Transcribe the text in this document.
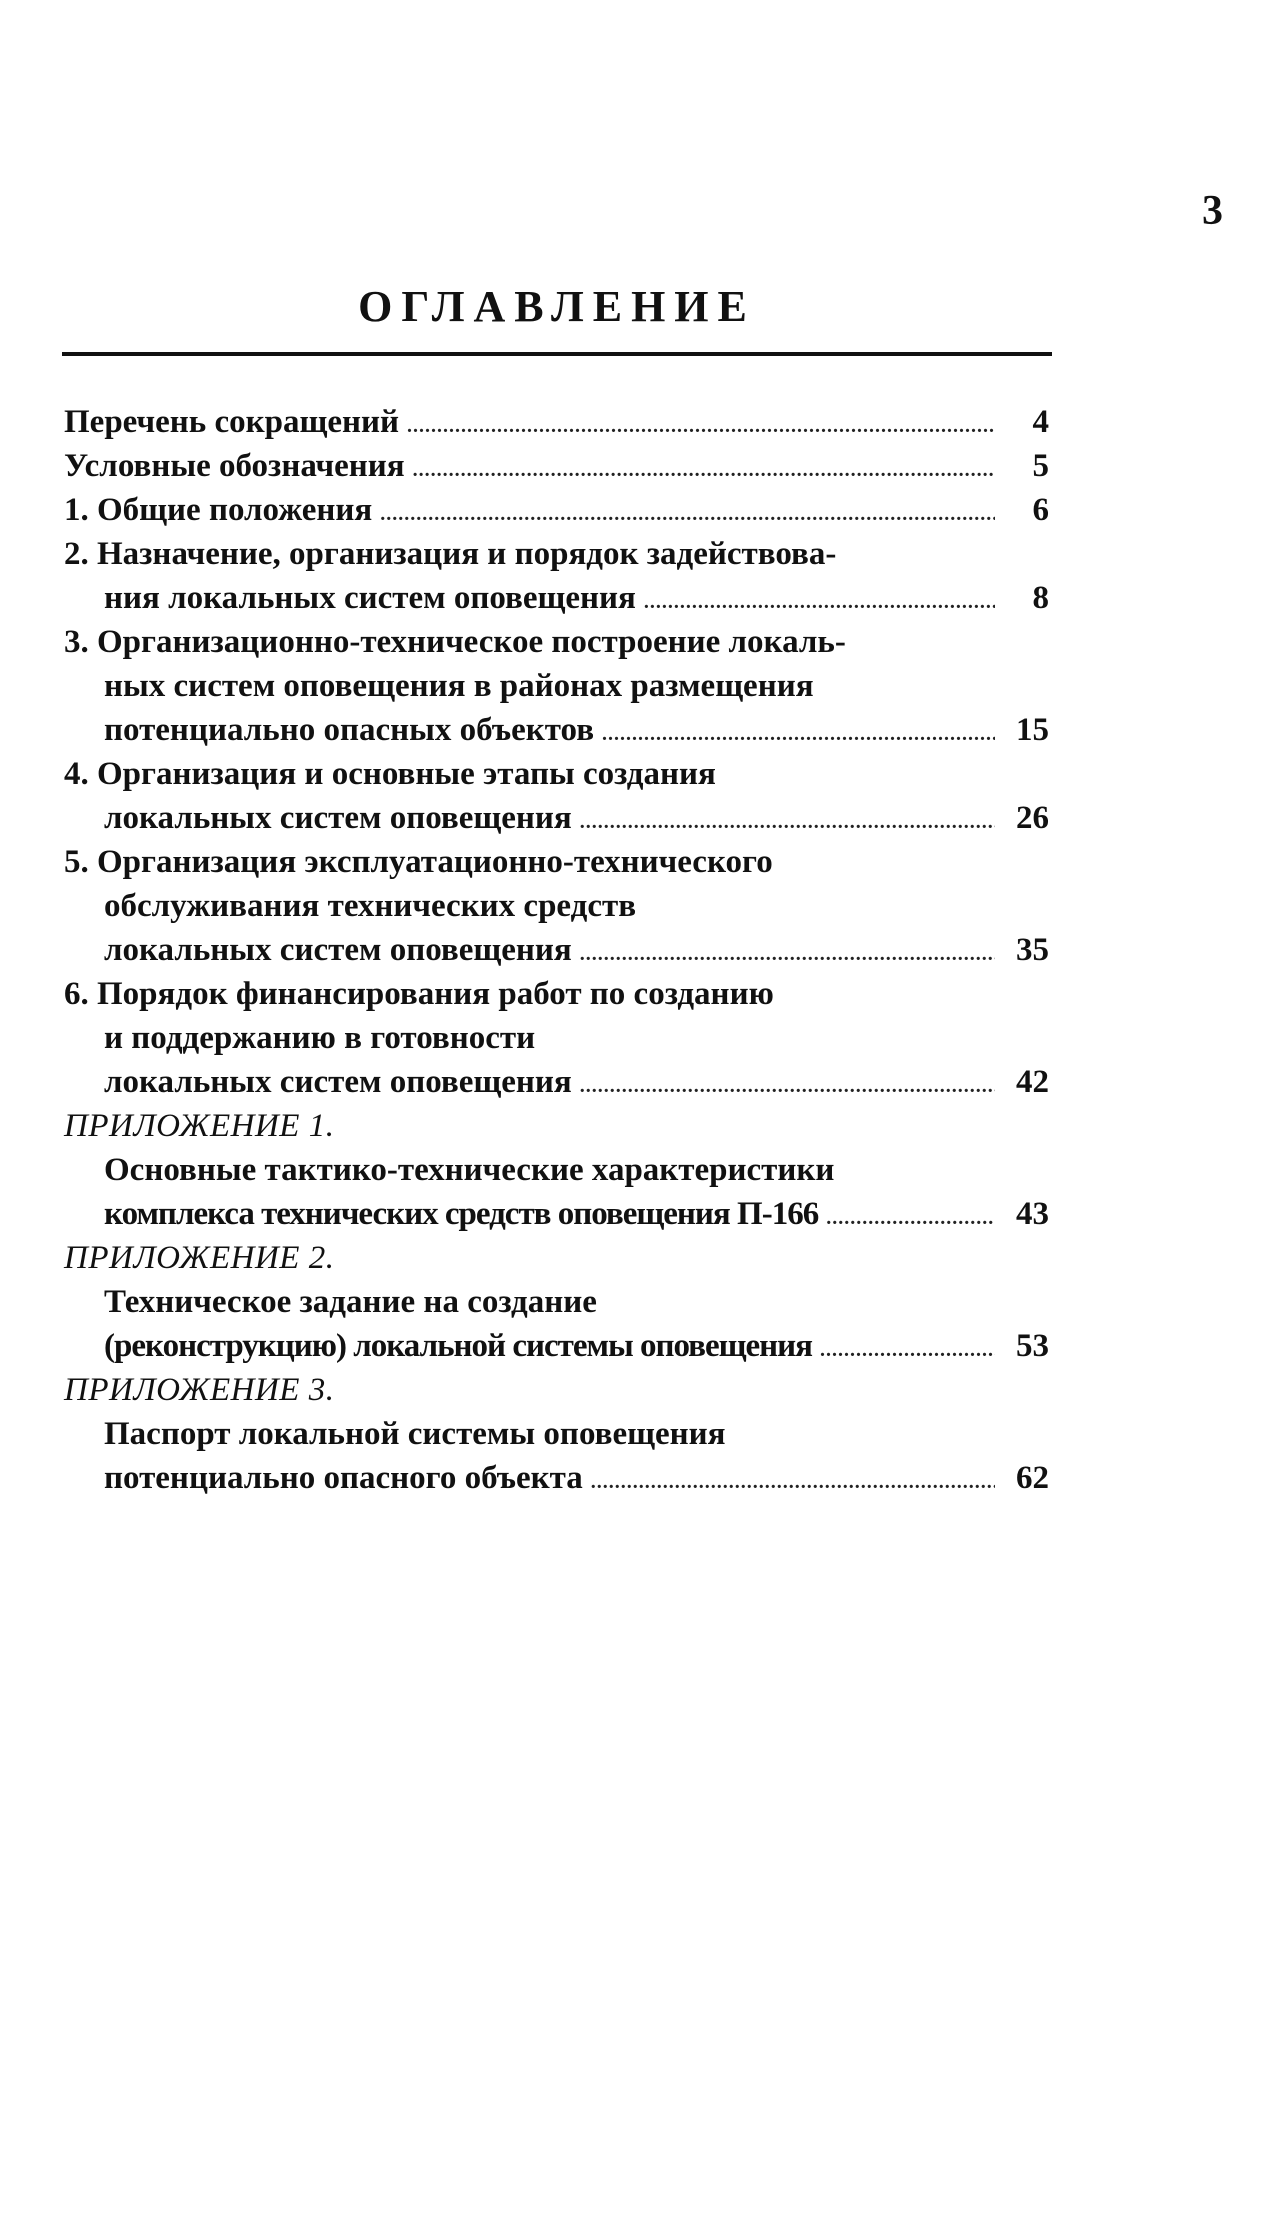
3
ОГЛАВЛЕНИЕ
Перечень сокращений . . .	4
Условные обозначения . . .	5
1. Общие положения . . .	6
2. Назначение, организация и порядок задействова-
ния локальных систем оповещения . . .	8
3. Организационно-техническое построение локаль-
ных систем оповещения в районах размещения
потенциально опасных объектов . . .	15
4. Организация и основные этапы создания
локальных систем оповещения . . .	26
5. Организация эксплуатационно-технического
обслуживания технических средств
локальных систем оповещения . . .	35
6. Порядок финансирования работ по созданию
и поддержанию в готовности
локальных систем оповещения . . .	42
ПРИЛОЖЕНИЕ 1.
Основные тактико-технические характеристики
комплекса технических средств оповещения П-166 . . .	43
ПРИЛОЖЕНИЕ 2.
Техническое задание на создание
(реконструкцию) локальной системы оповещения . . .	53
ПРИЛОЖЕНИЕ 3.
Паспорт локальной системы оповещения
потенциально опасного объекта . . .	62
